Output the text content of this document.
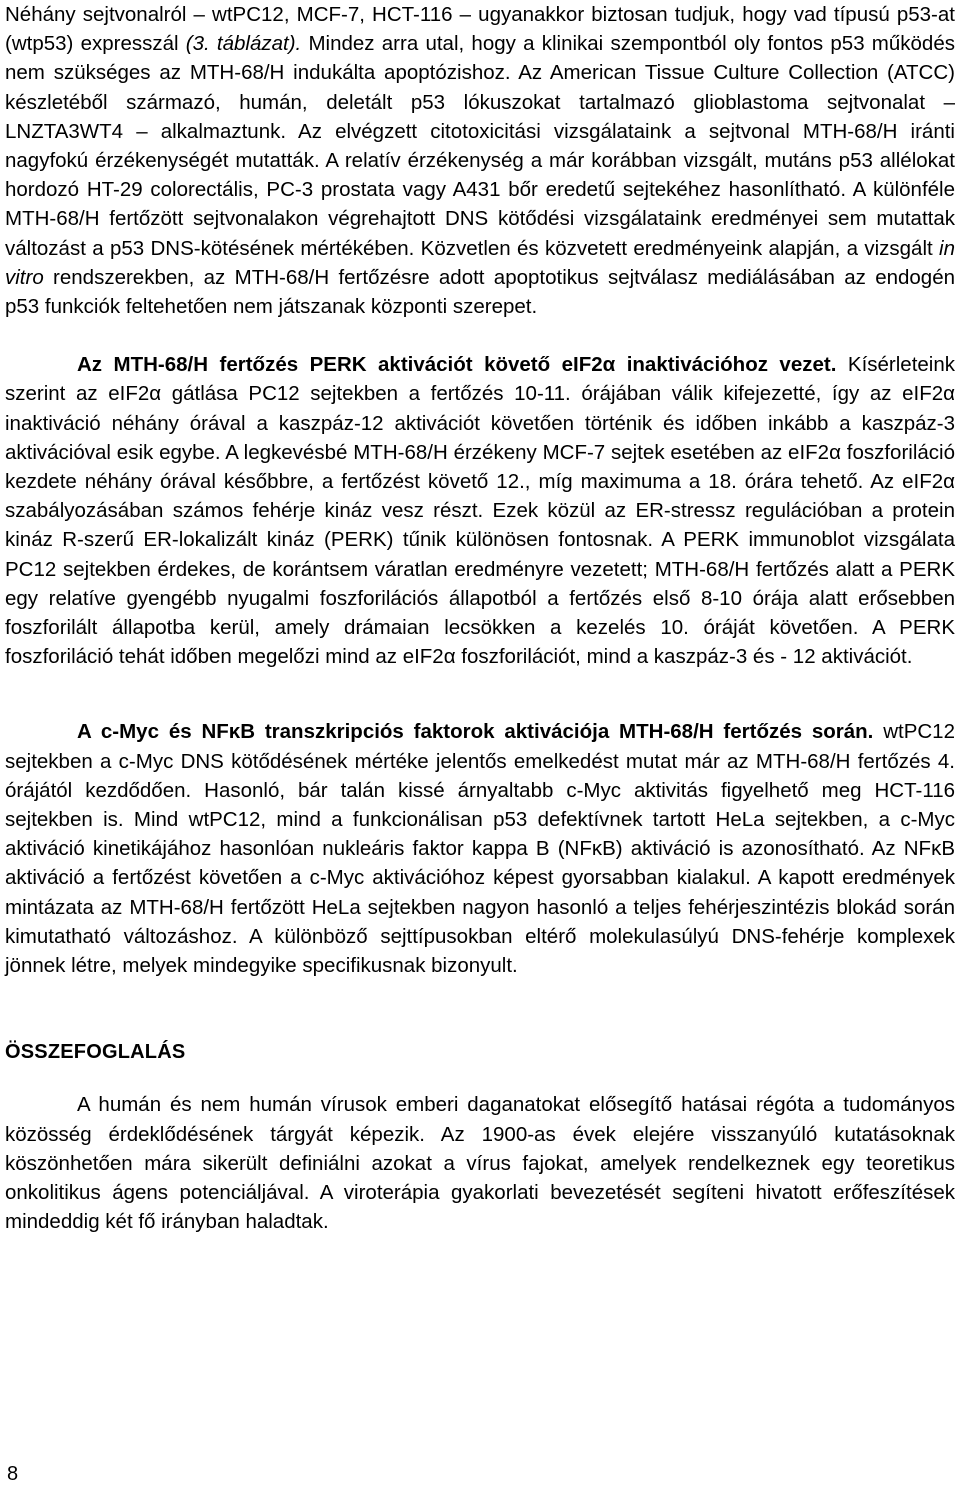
Néhány sejtvonalról – wtPC12, MCF-7, HCT-116 – ugyanakkor biztosan tudjuk, hogy vad típusú p53-at (wtp53) expresszál (3. táblázat). Mindez arra utal, hogy a klinikai szempontból oly fontos p53 működés nem szükséges az MTH-68/H indukálta apoptózishoz. Az American Tissue Culture Collection (ATCC) készletéből származó, humán, deletált p53 lókuszokat tartalmazó glioblastoma sejtvonalat – LNZTA3WT4 – alkalmaztunk. Az elvégzett citotoxicitási vizsgálataink a sejtvonal MTH-68/H iránti nagyfokú érzékenységét mutatták. A relatív érzékenység a már korábban vizsgált, mutáns p53 allélokat hordozó HT-29 colorectális, PC-3 prostata vagy A431 bőr eredetű sejtekéhez hasonlítható. A különféle MTH-68/H fertőzött sejtvonalakon végrehajtott DNS kötődési vizsgálataink eredményei sem mutattak változást a p53 DNS-kötésének mértékében. Közvetlen és közvetett eredményeink alapján, a vizsgált in vitro rendszerekben, az MTH-68/H fertőzésre adott apoptotikus sejtválasz mediálásában az endogén p53 funkciók feltehetően nem játszanak központi szerepet.

Az MTH-68/H fertőzés PERK aktivációt követő eIF2α inaktivációhoz vezet. Kísérleteink szerint az eIF2α gátlása PC12 sejtekben a fertőzés 10-11. órájában válik kifejezetté, így az eIF2α inaktiváció néhány órával a kaszpáz-12 aktivációt követően történik és időben inkább a kaszpáz-3 aktivációval esik egybe. A legkevésbé MTH-68/H érzékeny MCF-7 sejtek esetében az eIF2α foszforiláció kezdete néhány órával későbbre, a fertőzést követő 12., míg maximuma a 18. órára tehető. Az eIF2α szabályozásában számos fehérje kináz vesz részt. Ezek közül az ER-stressz regulációban a protein kináz R-szerű ER-lokalizált kináz (PERK) tűnik különösen fontosnak. A PERK immunoblot vizsgálata PC12 sejtekben érdekes, de korántsem váratlan eredményre vezetett; MTH-68/H fertőzés alatt a PERK egy relatíve gyengébb nyugalmi foszforilációs állapotból a fertőzés első 8-10 órája alatt erősebben foszforilált állapotba kerül, amely drámaian lecsökken a kezelés 10. óráját követően. A PERK foszforiláció tehát időben megelőzi mind az eIF2α foszforilációt, mind a kaszpáz-3 és - 12 aktivációt.

A c-Myc és NFκB transzkripciós faktorok aktivációja MTH-68/H fertőzés során. wtPC12 sejtekben a c-Myc DNS kötődésének mértéke jelentős emelkedést mutat már az MTH-68/H fertőzés 4. órájától kezdődően. Hasonló, bár talán kissé árnyaltabb c-Myc aktivitás figyelhető meg HCT-116 sejtekben is. Mind wtPC12, mind a funkcionálisan p53 defektívnek tartott HeLa sejtekben, a c-Myc aktiváció kinetikájához hasonlóan nukleáris faktor kappa B (NFκB) aktiváció is azonosítható. Az NFκB aktiváció a fertőzést követően a c-Myc aktivációhoz képest gyorsabban kialakul. A kapott eredmények mintázata az MTH-68/H fertőzött HeLa sejtekben nagyon hasonló a teljes fehérjeszintézis blokád során kimutatható változáshoz. A különböző sejttípusokban eltérő molekulasúlyú DNS-fehérje komplexek jönnek létre, melyek mindegyike specifikusnak bizonyult.

ÖSSZEFOGLALÁS

A humán és nem humán vírusok emberi daganatokat elősegítő hatásai régóta a tudományos közösség érdeklődésének tárgyát képezik. Az 1900-as évek elejére visszanyúló kutatásoknak köszönhetően mára sikerült definiálni azokat a vírus fajokat, amelyek rendelkeznek egy teoretikus onkolitikus ágens potenciáljával. A viroterápia gyakorlati bevezetését segíteni hivatott erőfeszítések mindeddig két fő irányban haladtak.

8
